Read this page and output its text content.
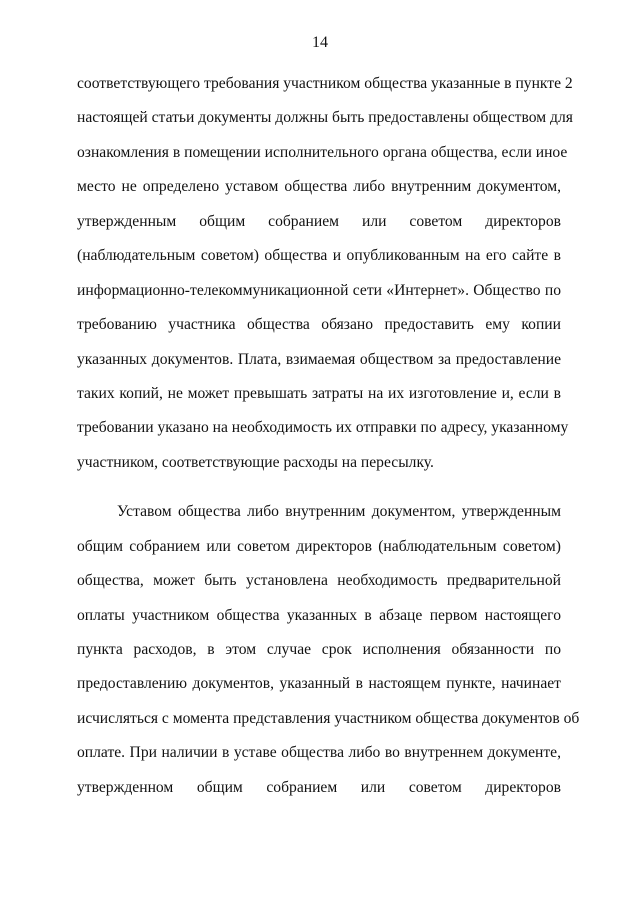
14
соответствующего требования участником общества указанные в пункте 2
настоящей статьи документы должны быть предоставлены обществом для
ознакомления в помещении исполнительного органа общества, если иное
место не определено уставом общества либо внутренним документом,
утвержденным общим собранием или советом директоров
(наблюдательным советом) общества и опубликованным на его сайте в
информационно-телекоммуникационной сети «Интернет». Общество по
требованию участника общества обязано предоставить ему копии
указанных документов. Плата, взимаемая обществом за предоставление
таких копий, не может превышать затраты на их изготовление и, если в
требовании указано на необходимость их отправки по адресу, указанному
участником, соответствующие расходы на пересылку.
Уставом общества либо внутренним документом, утвержденным
общим собранием или советом директоров (наблюдательным советом)
общества, может быть установлена необходимость предварительной
оплаты участником общества указанных в абзаце первом настоящего
пункта расходов, в этом случае срок исполнения обязанности по
предоставлению документов, указанный в настоящем пункте, начинает
исчисляться с момента представления участником общества документов об
оплате. При наличии в уставе общества либо во внутреннем документе,
утвержденном общим собранием или советом директоров
